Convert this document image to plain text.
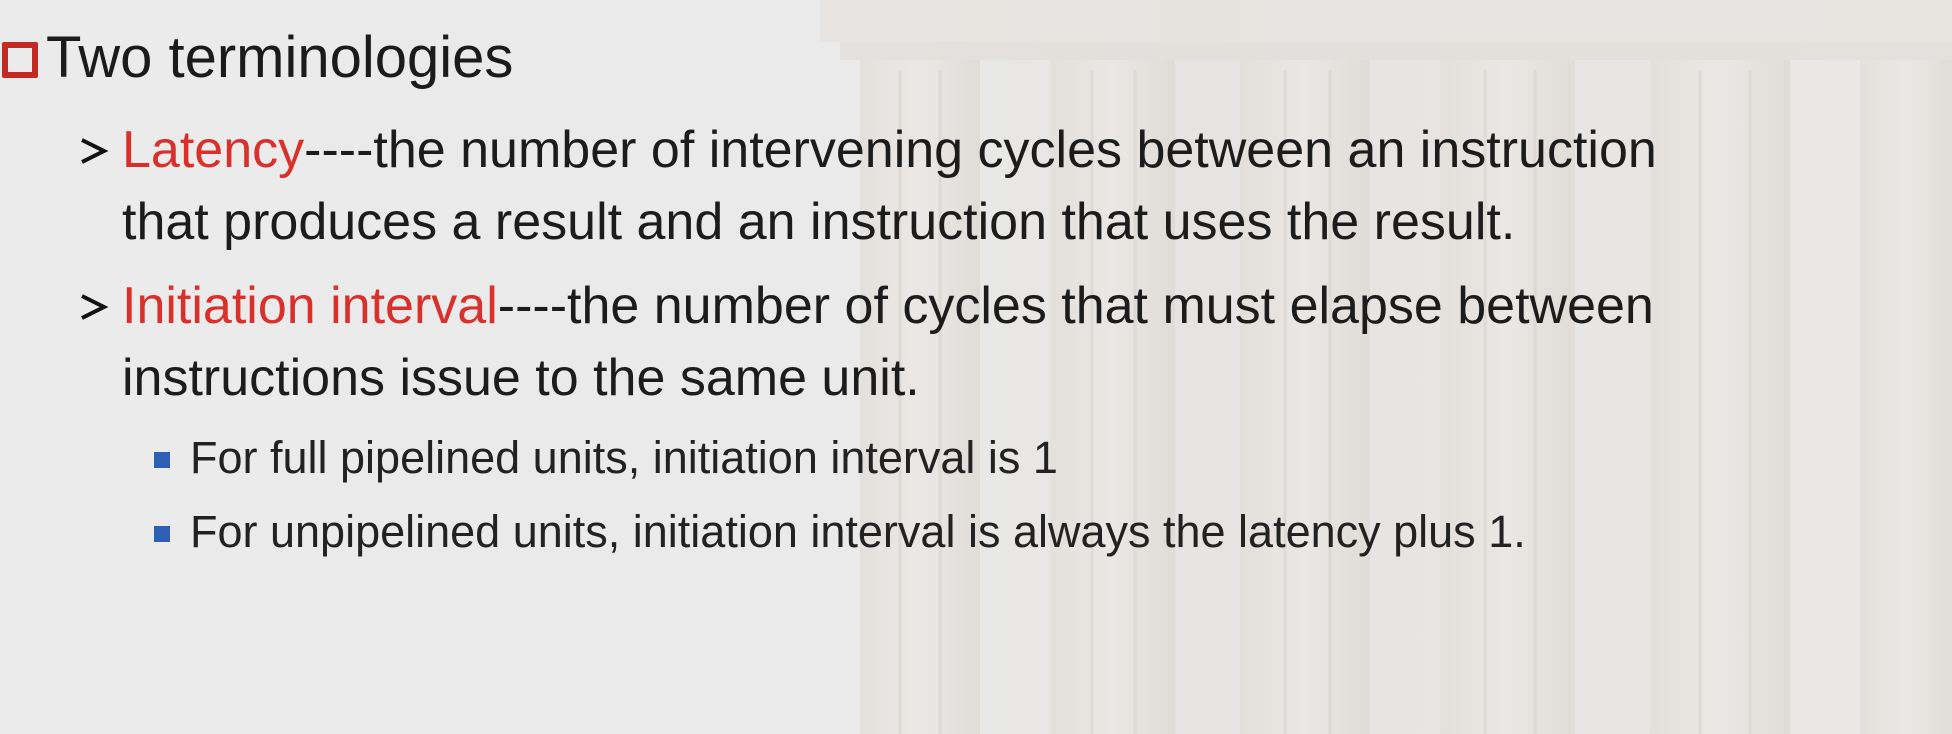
Two terminologies
Latency----the number of intervening cycles between an instruction
that produces a result and an instruction that uses the result.
Initiation interval----the number of cycles that must elapse between
instructions issue to the same unit.
For full pipelined units, initiation interval is 1
For unpipelined units, initiation interval is always the latency plus 1.
